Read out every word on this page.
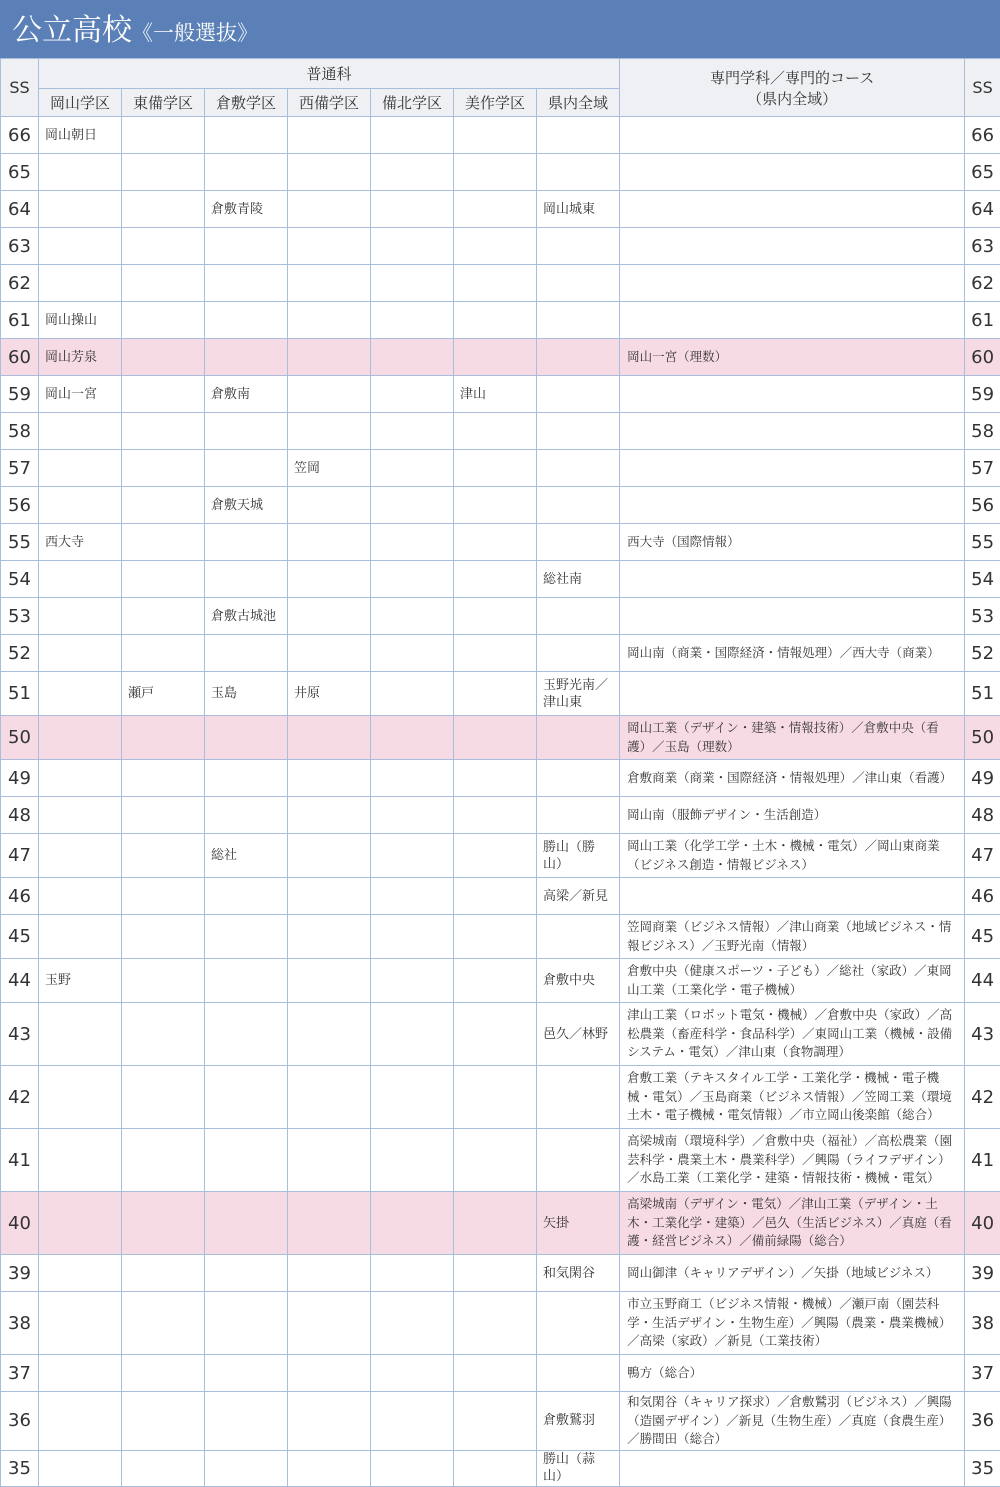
公立高校《一般選抜》
SS	普通科							専門学科／専門的コース
（県内全域）	SS
	岡山学区	東備学区	倉敷学区	西備学区	備北学区	美作学区	県内全域		
66	岡山朝日								66
65									65
64			倉敷青陵				岡山城東		64
63									63
62									62
61	岡山操山								61
60	岡山芳泉							岡山一宮（理数）	60
59	岡山一宮		倉敷南			津山			59
58									58
57				笠岡					57
56			倉敷天城						56
55	西大寺							西大寺（国際情報）	55
54							総社南		54
53			倉敷古城池						53
52								岡山南（商業・国際経済・情報処理）／西大寺（商業）	52
51		瀬戸	玉島	井原			玉野光南／津山東		51
50								岡山工業（デザイン・建築・情報技術）／倉敷中央（看護）／玉島（理数）	50
49								倉敷商業（商業・国際経済・情報処理）／津山東（看護）	49
48								岡山南（服飾デザイン・生活創造）	48
47			総社				勝山（勝山）	岡山工業（化学工学・土木・機械・電気）／岡山東商業（ビジネス創造・情報ビジネス）	47
46							高梁／新見		46
45								笠岡商業（ビジネス情報）／津山商業（地域ビジネス・情報ビジネス）／玉野光南（情報）	45
44	玉野						倉敷中央	倉敷中央（健康スポーツ・子ども）／総社（家政）／東岡山工業（工業化学・電子機械）	44
43							邑久／林野	津山工業（ロボット電気・機械）／倉敷中央（家政）／高松農業（畜産科学・食品科学）／東岡山工業（機械・設備システム・電気）／津山東（食物調理）	43
42								倉敷工業（テキスタイル工学・工業化学・機械・電子機械・電気）／玉島商業（ビジネス情報）／笠岡工業（環境土木・電子機械・電気情報）／市立岡山後楽館（総合）	42
41								高梁城南（環境科学）／倉敷中央（福祉）／高松農業（園芸科学・農業土木・農業科学）／興陽（ライフデザイン）／水島工業（工業化学・建築・情報技術・機械・電気）	41
40							矢掛	高梁城南（デザイン・電気）／津山工業（デザイン・土木・工業化学・建築）／邑久（生活ビジネス）／真庭（看護・経営ビジネス）／備前緑陽（総合）	40
39							和気閑谷	岡山御津（キャリアデザイン）／矢掛（地域ビジネス）	39
38								市立玉野商工（ビジネス情報・機械）／瀬戸南（園芸科学・生活デザイン・生物生産）／興陽（農業・農業機械）／高梁（家政）／新見（工業技術）	38
37								鴨方（総合）	37
36							倉敷鷲羽	和気閑谷（キャリア探求）／倉敷鷲羽（ビジネス）／興陽（造園デザイン）／新見（生物生産）／真庭（食農生産）／勝間田（総合）	36
35							勝山（蒜山）		35
